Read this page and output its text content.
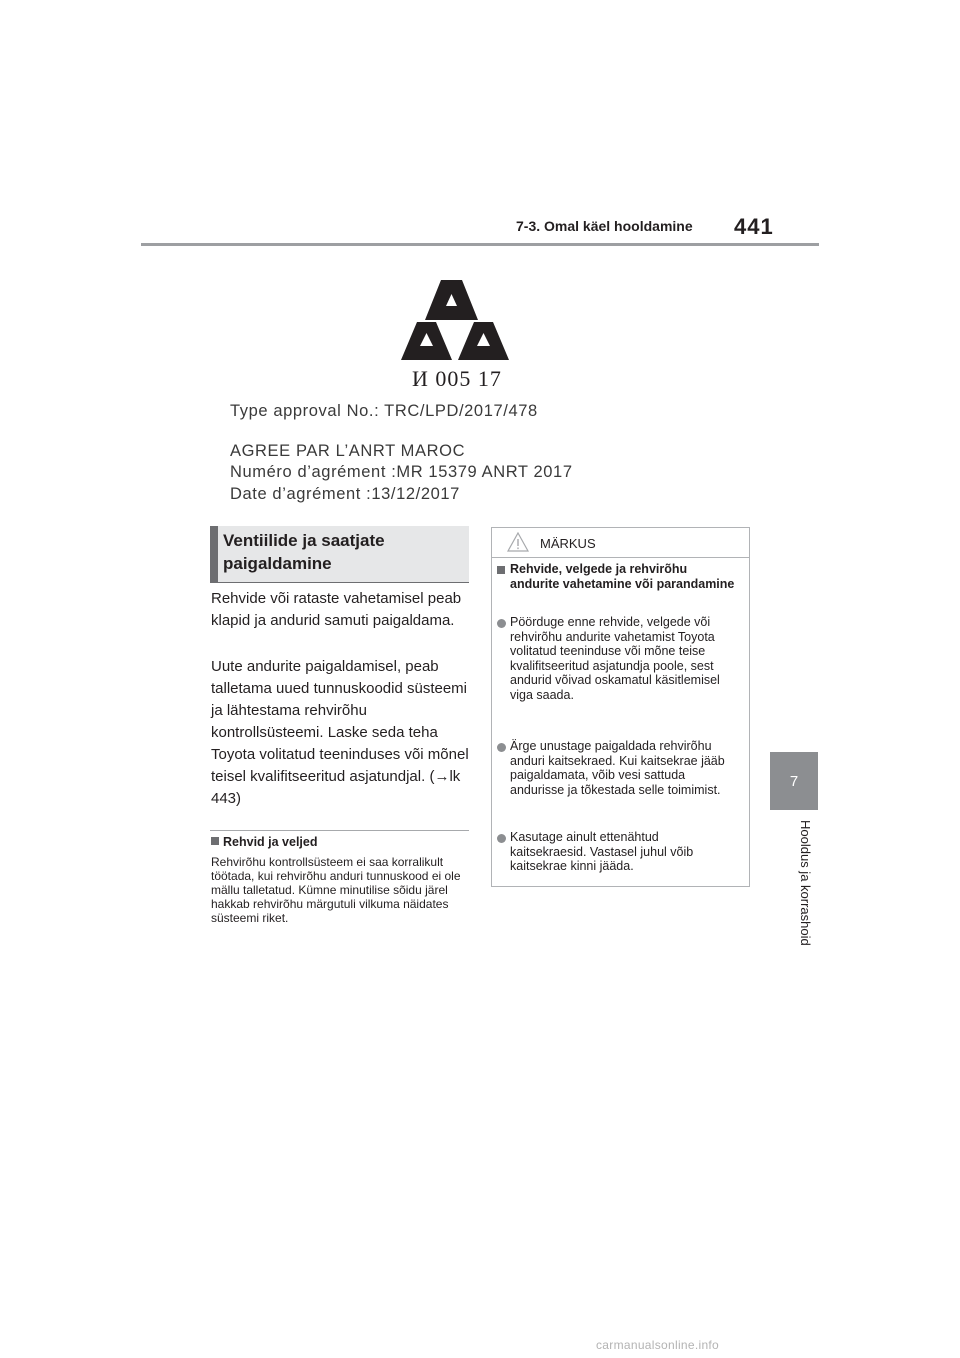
7-3. Omal käel hooldamine 441
7
Hooldus ja korrashoid
И 005 17
Type approval No.: TRC/LPD/2017/478
AGREE PAR L’ANRT MAROC
Numéro d’agrément :MR 15379 ANRT 2017
Date d’agrément :13/12/2017
Ventiilide ja saatjate
paigaldamine
Rehvide või rataste vahetamisel peab klapid ja andurid samuti paigaldama.
Uute andurite paigaldamisel, peab talletama uued tunnuskoodid süsteemi ja lähtestama rehvirõhu kontrollsüsteemi. Laske seda teha Toyota volitatud teeninduses või mõnel teisel kvalifitseeritud asjatundjal. (→lk 443)
Rehvid ja veljed
Rehvirõhu kontrollsüsteem ei saa korralikult töötada, kui rehvirõhu anduri tunnuskood ei ole mällu talletatud. Kümne minutilise sõidu järel hakkab rehvirõhu märgutuli vilkuma näidates süsteemi riket.
MÄRKUS
Rehvide, velgede ja rehvirõhu andurite vahetamine või parandamine
Pöörduge enne rehvide, velgede või rehvirõhu andurite vahetamist Toyota volitatud teeninduse või mõne teise kvalifitseeritud asjatundja poole, sest andurid võivad oskamatul käsitlemisel viga saada.
Ärge unustage paigaldada rehvirõhu anduri kaitsekraed. Kui kaitsekrae jääb paigaldamata, võib vesi sattuda andurisse ja tõkestada selle toimimist.
Kasutage ainult ettenähtud kaitsekraesid. Vastasel juhul võib kaitsekrae kinni jääda.
carmanualsonline.info
